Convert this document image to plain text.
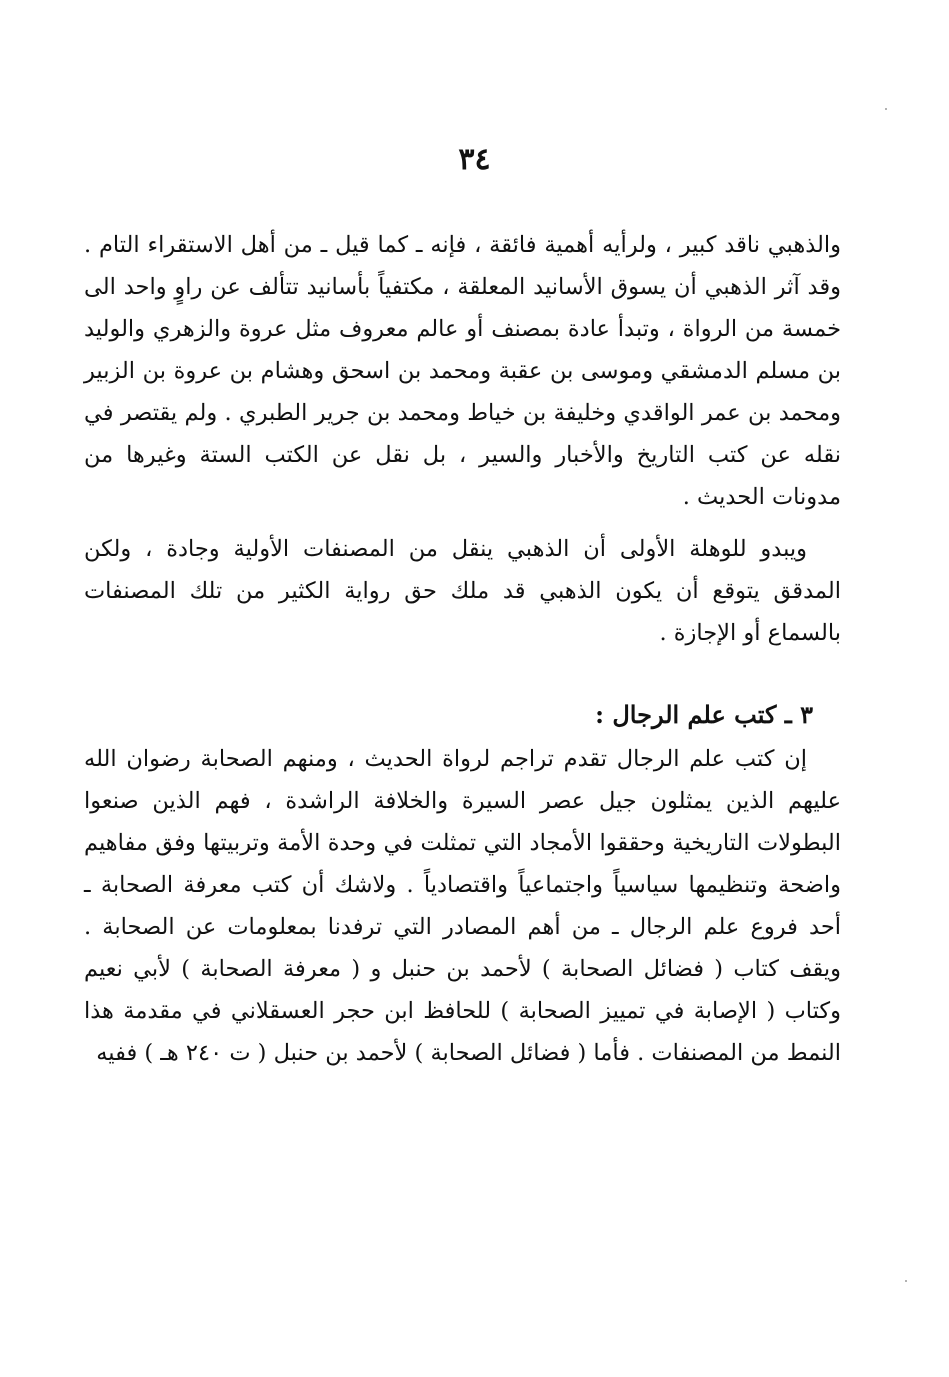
٣٤

والذهبي ناقد كبير ، ولرأيه أهمية فائقة ، فإنه ـ كما قيل ـ من أهل الاستقراء التام . وقد آثر الذهبي أن يسوق الأسانيد المعلقة ، مكتفياً بأسانيد تتألف عن راوٍ واحد الى خمسة من الرواة ، وتبدأ عادة بمصنف أو عالم معروف مثل عروة والزهري والوليد بن مسلم الدمشقي وموسى بن عقبة ومحمد بن اسحق وهشام بن عروة بن الزبير ومحمد بن عمر الواقدي وخليفة بن خياط ومحمد بن جرير الطبري . ولم يقتصر في نقله عن كتب التاريخ والأخبار والسير ، بل نقل عن الكتب الستة وغيرها من مدونات الحديث .

ويبدو للوهلة الأولى أن الذهبي ينقل من المصنفات الأولية وجادة ، ولكن المدقق يتوقع أن يكون الذهبي قد ملك حق رواية الكثير من تلك المصنفات بالسماع أو الإجازة .

٣ ـ كتب علم الرجال :

إن كتب علم الرجال تقدم تراجم لرواة الحديث ، ومنهم الصحابة رضوان الله عليهم الذين يمثلون جيل عصر السيرة والخلافة الراشدة ، فهم الذين صنعوا البطولات التاريخية وحققوا الأمجاد التي تمثلت في وحدة الأمة وتربيتها وفق مفاهيم واضحة وتنظيمها سياسياً واجتماعياً واقتصادياً . ولاشك أن كتب معرفة الصحابة ـ أحد فروع علم الرجال ـ من أهم المصادر التي ترفدنا بمعلومات عن الصحابة . ويقف كتاب ( فضائل الصحابة ) لأحمد بن حنبل و ( معرفة الصحابة ) لأبي نعيم وكتاب ( الإصابة في تمييز الصحابة ) للحافظ ابن حجر العسقلاني في مقدمة هذا النمط من المصنفات . فأما ( فضائل الصحابة ) لأحمد بن حنبل ( ت ٢٤٠ هـ ) ففيه
